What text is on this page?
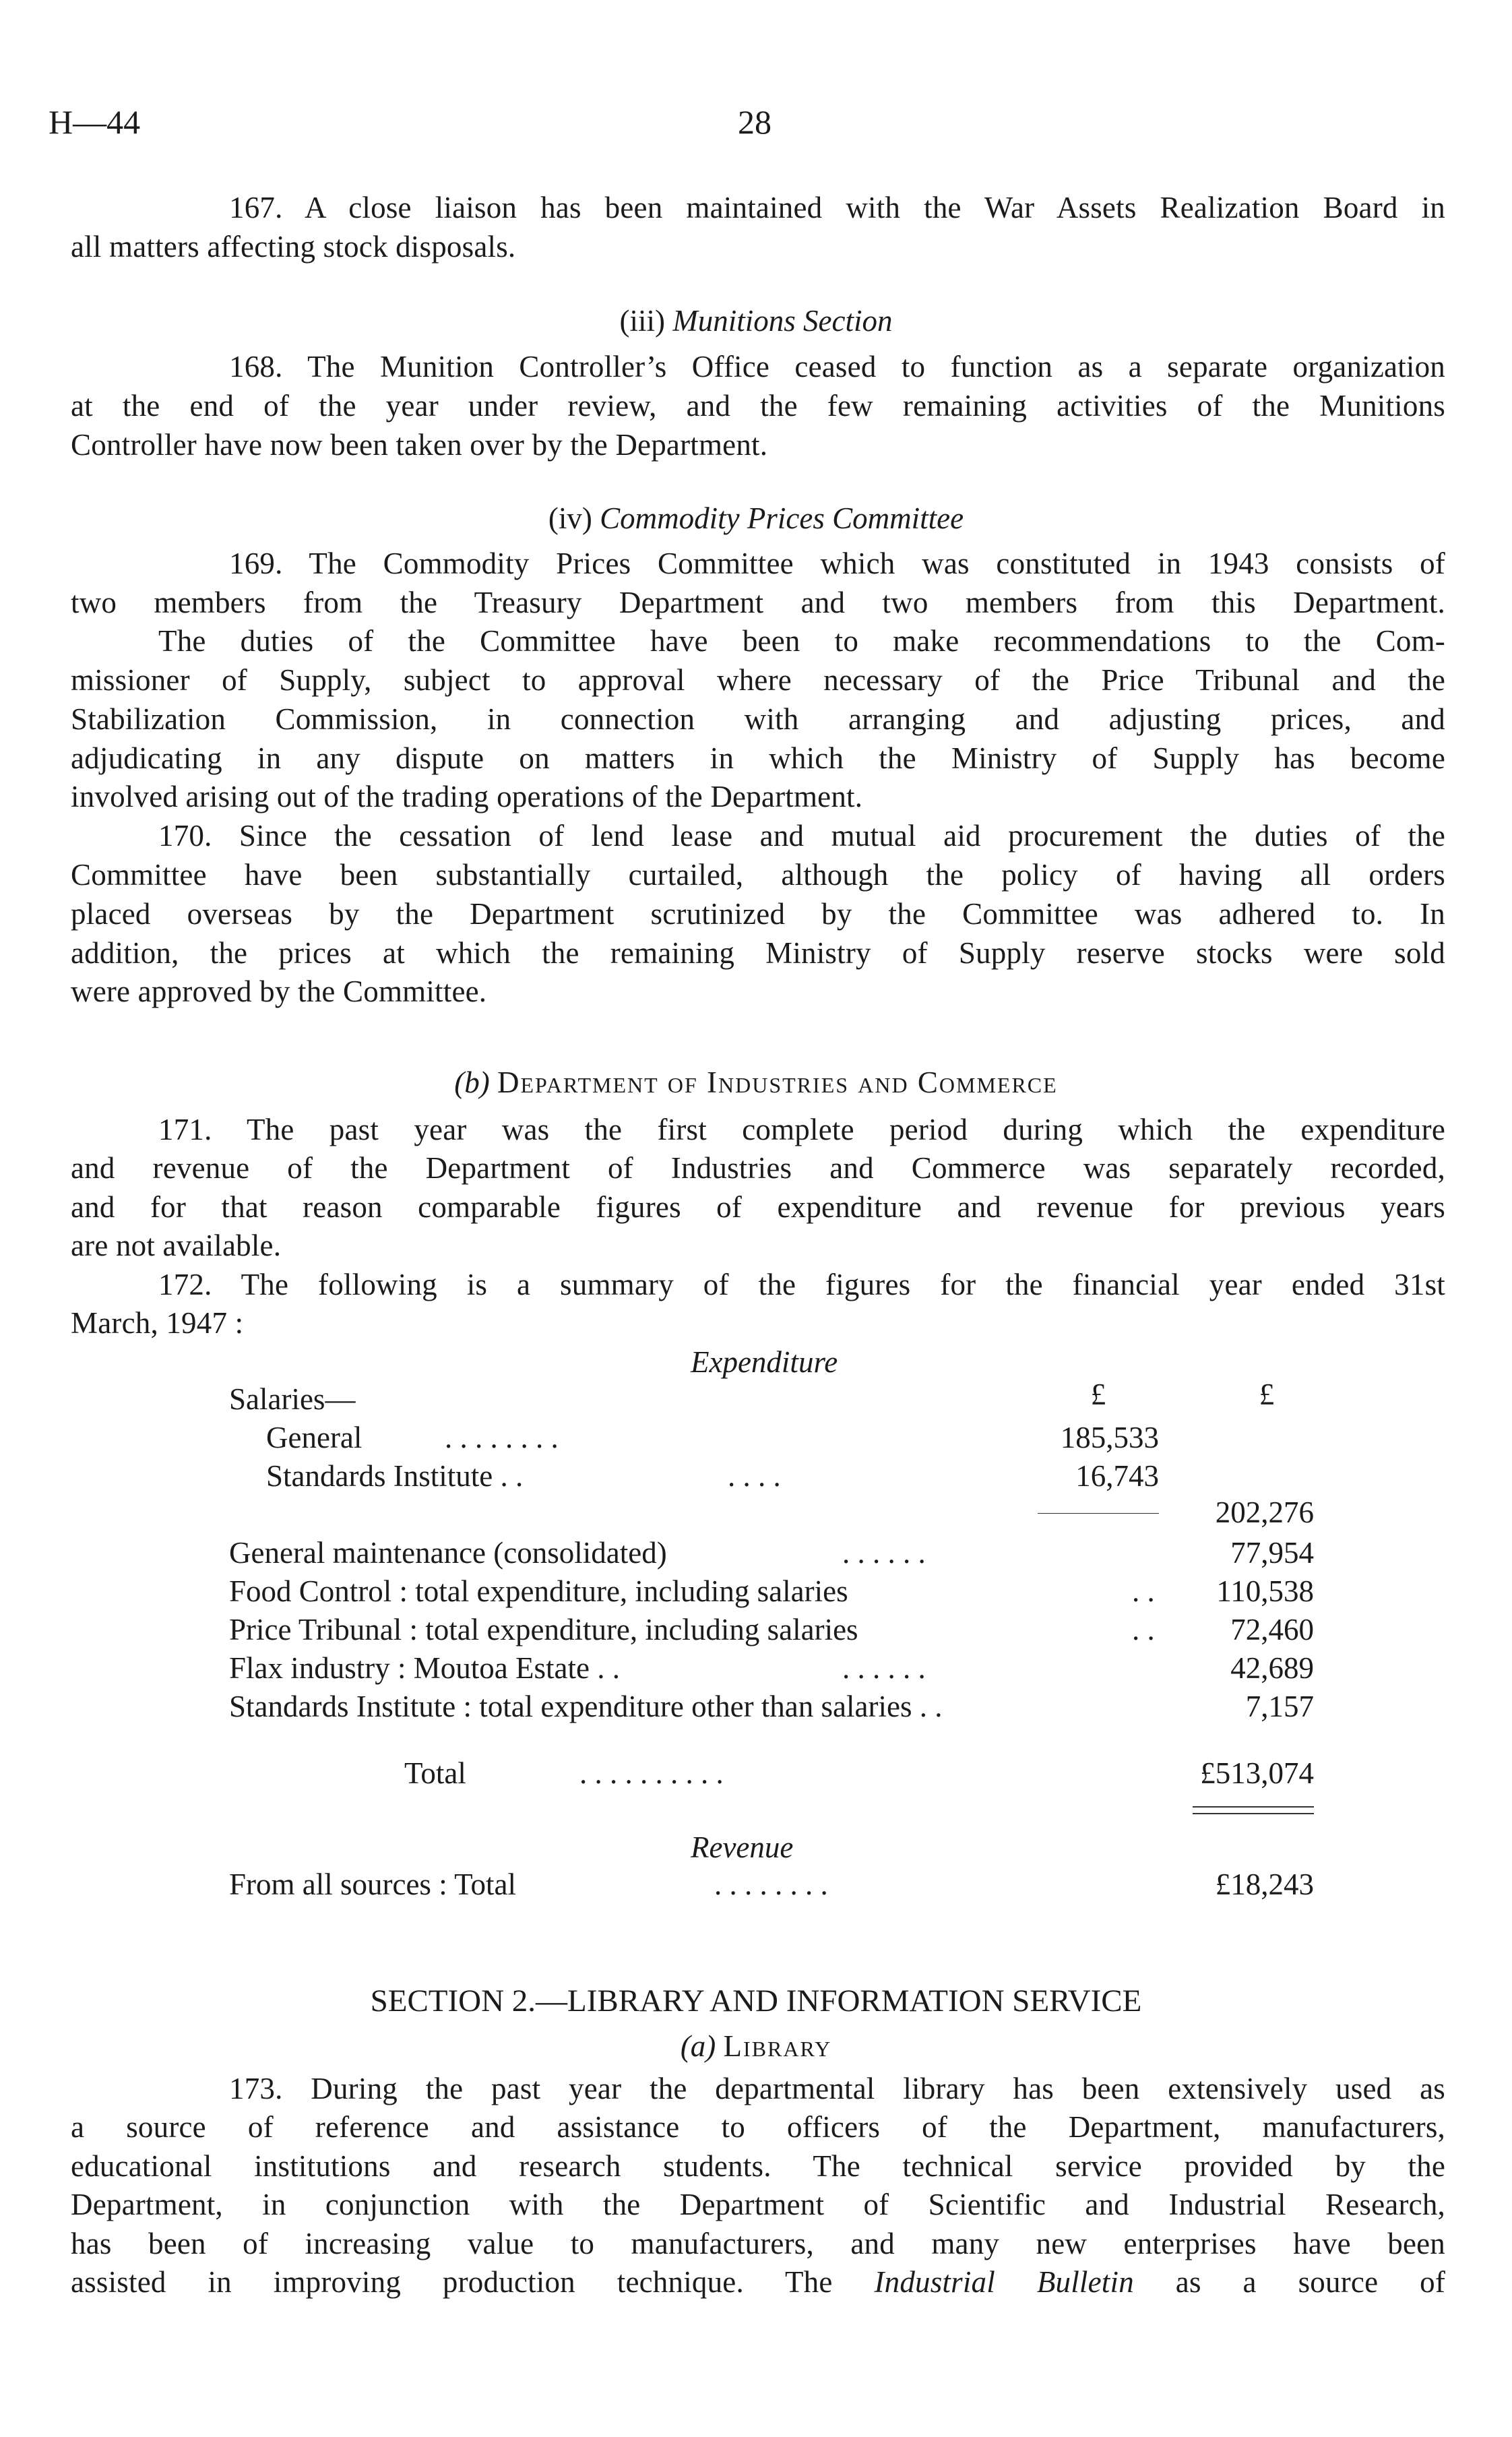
H—44	28
167. A close liaison has been maintained with the War Assets Realization Board in
all matters affecting stock disposals.
(iii) Munitions Section
168. The Munition Controller’s Office ceased to function as a separate organization
at the end of the year under review, and the few remaining activities of the Munitions
Controller have now been taken over by the Department.
(iv) Commodity Prices Committee
169. The Commodity Prices Committee which was constituted in 1943 consists of
two members from the Treasury Department and two members from this Department.
The duties of the Committee have been to make recommendations to the Com-
missioner of Supply, subject to approval where necessary of the Price Tribunal and the
Stabilization Commission, in connection with arranging and adjusting prices, and
adjudicating in any dispute on matters in which the Ministry of Supply has become
involved arising out of the trading operations of the Department.
170. Since the cessation of lend lease and mutual aid procurement the duties of the
Committee have been substantially curtailed, although the policy of having all orders
placed overseas by the Department scrutinized by the Committee was adhered to. In
addition, the prices at which the remaining Ministry of Supply reserve stocks were sold
were approved by the Committee.
(b) Department of Industries and Commerce
171. The past year was the first complete period during which the expenditure
and revenue of the Department of Industries and Commerce was separately recorded,
and for that reason comparable figures of expenditure and revenue for previous years
are not available.
172. The following is a summary of the figures for the financial year ended 31st
March, 1947 :
Expenditure
Salaries—	£	£
General	. . . . . . . .	185,533
Standards Institute . .	. . . .	16,743
202,276
General maintenance (consolidated)	. . . . . .	77,954
Food Control : total expenditure, including salaries	. .	110,538
Price Tribunal : total expenditure, including salaries	. .	72,460
Flax industry : Moutoa Estate . .	. . . . . .	42,689
Standards Institute : total expenditure other than salaries . .	7,157
Total	. . . . . . . . . .	£513,074
Revenue
From all sources : Total	. . . . . . . .	£18,243
SECTION 2.—LIBRARY AND INFORMATION SERVICE
(a) Library
173. During the past year the departmental library has been extensively used as
a source of reference and assistance to officers of the Department, manufacturers,
educational institutions and research students. The technical service provided by the
Department, in conjunction with the Department of Scientific and Industrial Research,
has been of increasing value to manufacturers, and many new enterprises have been
assisted in improving production technique. The Industrial Bulletin as a source of
